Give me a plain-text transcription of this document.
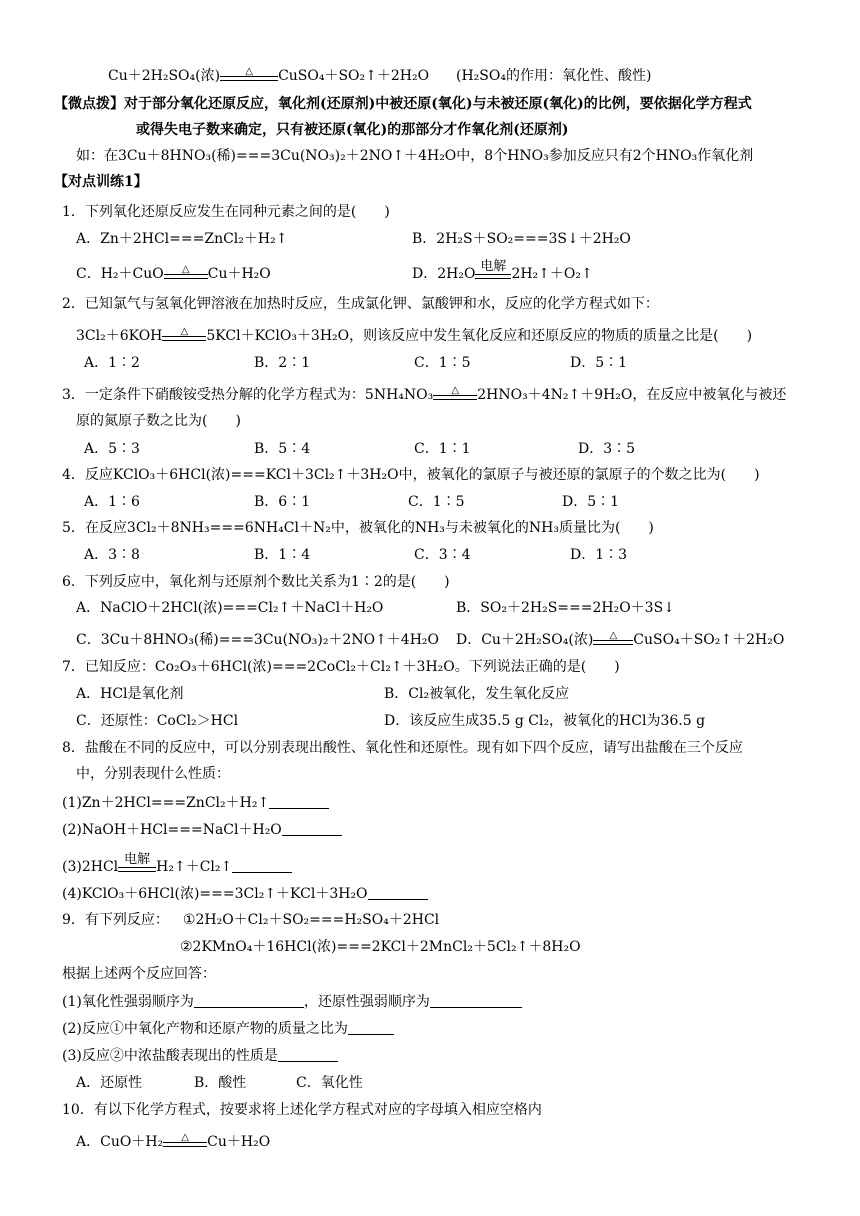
Cu＋2H₂SO₄(浓)	△	CuSO₄＋SO₂↑＋2H₂O (H₂SO₄的作用：氧化性、酸性)
【微点拨】对于部分氧化还原反应，氧化剂(还原剂)中被还原(氧化)与未被还原(氧化)的比例，要依据化学方程式
或得失电子数来确定，只有被还原(氧化)的那部分才作氧化剂(还原剂)
如：在3Cu＋8HNO₃(稀)===3Cu(NO₃)₂＋2NO↑＋4H₂O中，8个HNO₃参加反应只有2个HNO₃作氧化剂
【对点训练1】
1．下列氧化还原反应发生在同种元素之间的是(　　)
A．Zn＋2HCl===ZnCl₂＋H₂↑	B．2H₂S＋SO₂===3S↓＋2H₂O
C．H₂＋CuO	△	Cu＋H₂O	D．2H₂O 电解 2H₂↑＋O₂↑
2．已知氯气与氢氧化钾溶液在加热时反应，生成氯化钾、氯酸钾和水，反应的化学方程式如下：
3Cl₂＋6KOH	△	5KCl＋KClO₃＋3H₂O，则该反应中发生氧化反应和还原反应的物质的质量之比是(　　)
A．1∶2	B．2∶1	C．1∶5	D．5∶1
3．一定条件下硝酸铵受热分解的化学方程式为：5NH₄NO₃	△	2HNO₃＋4N₂↑＋9H₂O，在反应中被氧化与被还
原的氮原子数之比为(　　)
A．5∶3	B．5∶4	C．1∶1	D．3∶5
4．反应KClO₃＋6HCl(浓)===KCl＋3Cl₂↑＋3H₂O中，被氧化的氯原子与被还原的氯原子的个数之比为(　　)
A．1∶6	B．6∶1	C．1∶5	D．5∶1
5．在反应3Cl₂＋8NH₃===6NH₄Cl＋N₂中，被氧化的NH₃与未被氧化的NH₃质量比为(　　)
A．3∶8	B．1∶4	C．3∶4	D．1∶3
6．下列反应中，氧化剂与还原剂个数比关系为1∶2的是(　　)
A．NaClO＋2HCl(浓)===Cl₂↑＋NaCl＋H₂O	B．SO₂＋2H₂S===2H₂O＋3S↓
C．3Cu＋8HNO₃(稀)===3Cu(NO₃)₂＋2NO↑＋4H₂O D．Cu＋2H₂SO₄(浓)	△	CuSO₄＋SO₂↑＋2H₂O
7．已知反应：Co₂O₃＋6HCl(浓)===2CoCl₂＋Cl₂↑＋3H₂O。下列说法正确的是(　　)
A．HCl是氧化剂	B．Cl₂被氧化，发生氧化反应
C．还原性：CoCl₂＞HCl	D．该反应生成35.5 g Cl₂，被氧化的HCl为36.5 g
8．盐酸在不同的反应中，可以分别表现出酸性、氧化性和还原性。现有如下四个反应，请写出盐酸在三个反应
中，分别表现什么性质：
(1)Zn＋2HCl===ZnCl₂＋H₂↑
(2)NaOH＋HCl===NaCl＋H₂O
(3)2HCl 电解 H₂↑＋Cl₂↑
(4)KClO₃＋6HCl(浓)===3Cl₂↑＋KCl＋3H₂O
9．有下列反应： ①2H₂O＋Cl₂＋SO₂===H₂SO₄＋2HCl
②2KMnO₄＋16HCl(浓)===2KCl＋2MnCl₂＋5Cl₂↑＋8H₂O
根据上述两个反应回答：
(1)氧化性强弱顺序为	，还原性强弱顺序为
(2)反应①中氧化产物和还原产物的质量之比为
(3)反应②中浓盐酸表现出的性质是
A．还原性	B．酸性	C．氧化性
10．有以下化学方程式，按要求将上述化学方程式对应的字母填入相应空格内
A．CuO＋H₂	△	Cu＋H₂O
